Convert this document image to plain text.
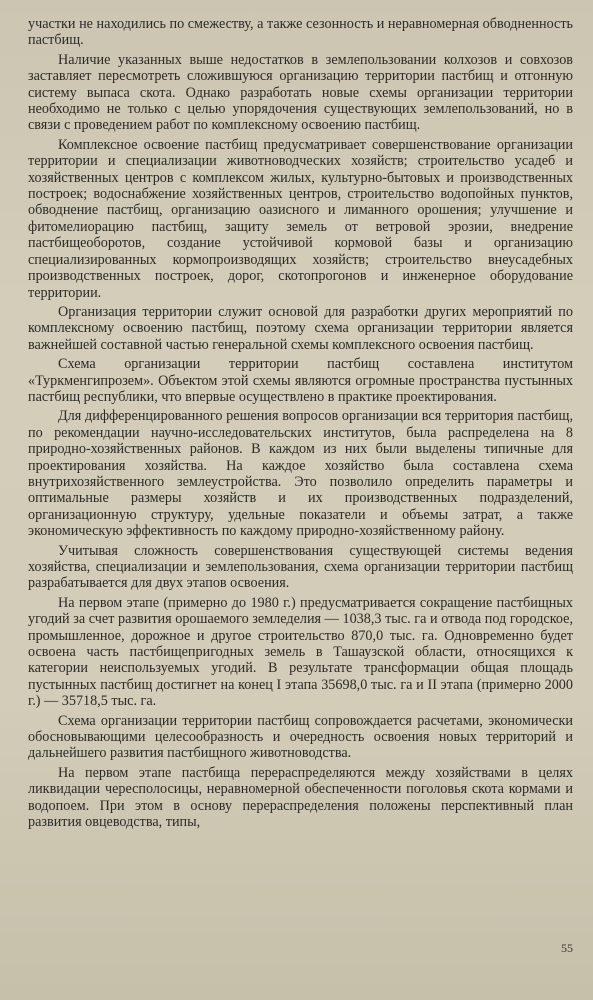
участки не находились по смежеству, а также сезонность и неравномерная обводненность пастбищ.

Наличие указанных выше недостатков в землепользовании колхозов и совхозов заставляет пересмотреть сложившуюся организацию территории пастбищ и отгонную систему выпаса скота. Однако разработать новые схемы организации территории необходимо не только с целью упорядочения существующих землепользований, но в связи с проведением работ по комплексному освоению пастбищ.

Комплексное освоение пастбищ предусматривает совершенствование организации территории и специализации животноводческих хозяйств; строительство усадеб и хозяйственных центров с комплексом жилых, культурно-бытовых и производственных построек; водоснабжение хозяйственных центров, строительство водопойных пунктов, обводнение пастбищ, организацию оазисного и лиманного орошения; улучшение и фитомелиорацию пастбищ, защиту земель от ветровой эрозии, внедрение пастбищеоборотов, создание устойчивой кормовой базы и организацию специализированных кормопроизводящих хозяйств; строительство внеусадебных производственных построек, дорог, скотопрогонов и инженерное оборудование территории.

Организация территории служит основой для разработки других мероприятий по комплексному освоению пастбищ, поэтому схема организации территории является важнейшей составной частью генеральной схемы комплексного освоения пастбищ.

Схема организации территории пастбищ составлена институтом «Туркменгипрозем». Объектом этой схемы являются огромные пространства пустынных пастбищ республики, что впервые осуществлено в практике проектирования.

Для дифференцированного решения вопросов организации вся территория пастбищ, по рекомендации научно-исследовательских институтов, была распределена на 8 природно-хозяйственных районов. В каждом из них были выделены типичные для проектирования хозяйства. На каждое хозяйство была составлена схема внутрихозяйственного землеустройства. Это позволило определить параметры и оптимальные размеры хозяйств и их производственных подразделений, организационную структуру, удельные показатели и объемы затрат, а также экономическую эффективность по каждому природно-хозяйственному району.

Учитывая сложность совершенствования существующей системы ведения хозяйства, специализации и землепользования, схема организации территории пастбищ разрабатывается для двух этапов освоения.

На первом этапе (примерно до 1980 г.) предусматривается сокращение пастбищных угодий за счет развития орошаемого земледелия — 1038,3 тыс. га и отвода под городское, промышленное, дорожное и другое строительство 870,0 тыс. га. Одновременно будет освоена часть пастбищепригодных земель в Ташаузской области, относящихся к категории неиспользуемых угодий. В результате трансформации общая площадь пустынных пастбищ достигнет на конец I этапа 35698,0 тыс. га и II этапа (примерно 2000 г.) — 35718,5 тыс. га.

Схема организации территории пастбищ сопровождается расчетами, экономически обосновывающими целесообразность и очередность освоения новых территорий и дальнейшего развития пастбищного животноводства.

На первом этапе пастбища перераспределяются между хозяйствами в целях ликвидации чересполосицы, неравномерной обеспеченности поголовья скота кормами и водопоем. При этом в основу перераспределения положены перспективный план развития овцеводства, типы,

55
